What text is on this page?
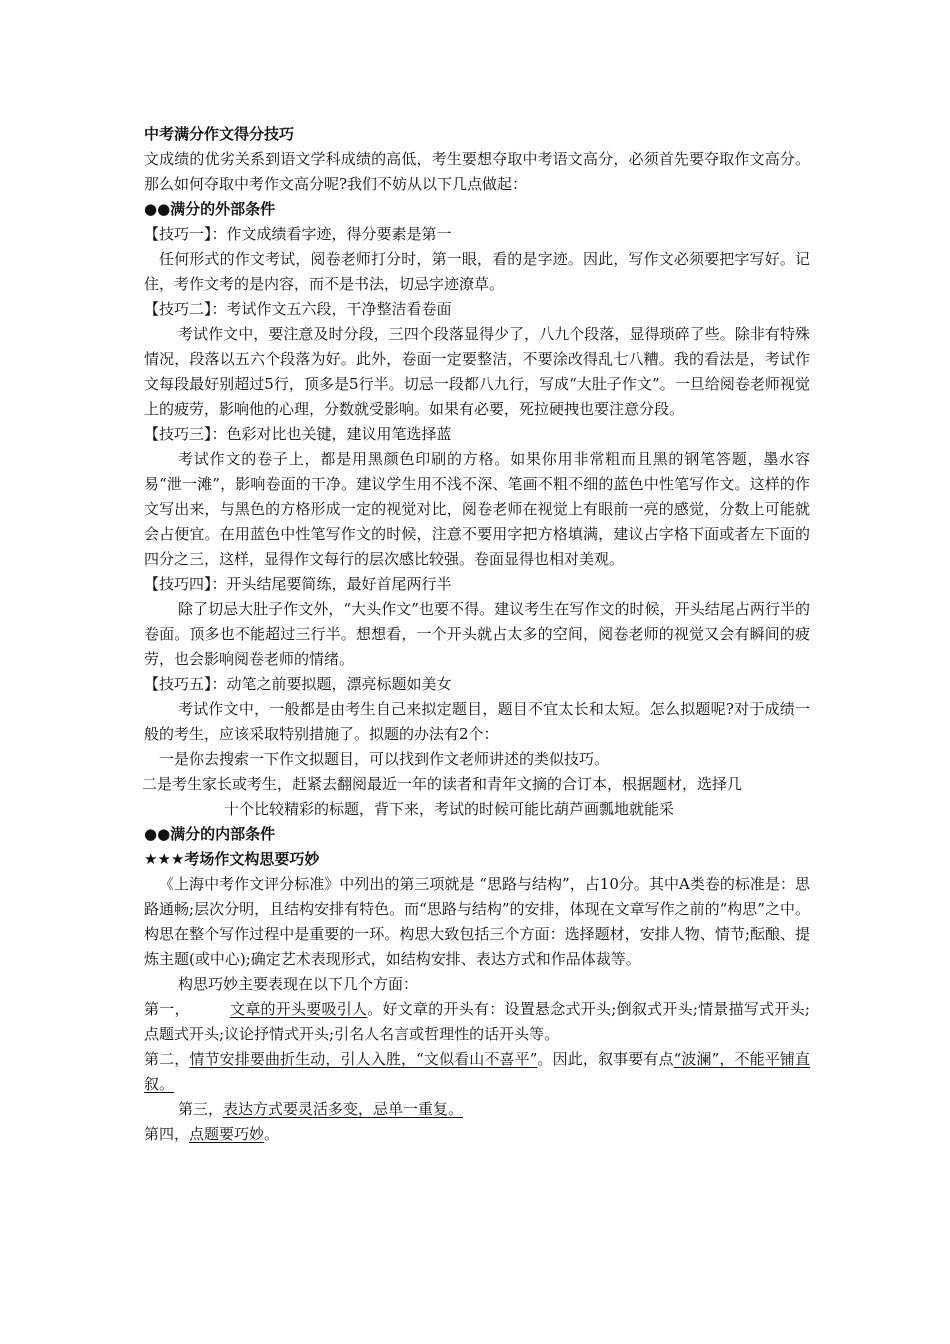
中考满分作文得分技巧

文成绩的优劣关系到语文学科成绩的高低，考生要想夺取中考语文高分，必须首先要夺取作文高分。那么如何夺取中考作文高分呢?我们不妨从以下几点做起：

●●满分的外部条件

【技巧一】：作文成绩看字迹，得分要素是第一

任何形式的作文考试，阅卷老师打分时，第一眼，看的是字迹。因此，写作文必须要把字写好。记住，考作文考的是内容，而不是书法，切忌字迹潦草。

【技巧二】：考试作文五六段，干净整洁看卷面

考试作文中，要注意及时分段，三四个段落显得少了，八九个段落，显得琐碎了些。除非有特殊情况，段落以五六个段落为好。此外，卷面一定要整洁，不要涂改得乱七八糟。我的看法是，考试作文每段最好别超过5行，顶多是5行半。切忌一段都八九行，写成“大肚子作文”。一旦给阅卷老师视觉上的疲劳，影响他的心理，分数就受影响。如果有必要，死拉硬拽也要注意分段。

【技巧三】：色彩对比也关键，建议用笔选择蓝

考试作文的卷子上，都是用黑颜色印刷的方格。如果你用非常粗而且黑的钢笔答题，墨水容易“泄一滩”，影响卷面的干净。建议学生用不浅不深、笔画不粗不细的蓝色中性笔写作文。这样的作文写出来，与黑色的方格形成一定的视觉对比，阅卷老师在视觉上有眼前一亮的感觉，分数上可能就会占便宜。在用蓝色中性笔写作文的时候，注意不要用字把方格填满，建议占字格下面或者左下面的四分之三，这样，显得作文每行的层次感比较强。卷面显得也相对美观。

【技巧四】：开头结尾要简练，最好首尾两行半

除了切忌大肚子作文外，“大头作文”也要不得。建议考生在写作文的时候，开头结尾占两行半的卷面。顶多也不能超过三行半。想想看，一个开头就占太多的空间，阅卷老师的视觉又会有瞬间的疲劳，也会影响阅卷老师的情绪。

【技巧五】：动笔之前要拟题，漂亮标题如美女

考试作文中，一般都是由考生自己来拟定题目，题目不宜太长和太短。怎么拟题呢?对于成绩一般的考生，应该采取特别措施了。拟题的办法有2个：

一是你去搜索一下作文拟题目，可以找到作文老师讲述的类似技巧。

二是考生家长或考生，赶紧去翻阅最近一年的读者和青年文摘的合订本，根据题材，选择几

十个比较精彩的标题，背下来，考试的时候可能比葫芦画瓢地就能采

●●满分的内部条件

★★★考场作文构思要巧妙

《上海中考作文评分标准》中列出的第三项就是 “思路与结构”，占10分。其中A类卷的标准是：思路通畅;层次分明，且结构安排有特色。而“思路与结构”的安排，体现在文章写作之前的“构思”之中。构思在整个写作过程中是重要的一环。构思大致包括三个方面：选择题材，安排人物、情节;酝酿、提炼主题(或中心);确定艺术表现形式，如结构安排、表达方式和作品体裁等。

构思巧妙主要表现在以下几个方面：

第一，	文章的开头要吸引人。好文章的开头有：设置悬念式开头;倒叙式开头;情景描写式开头;点题式开头;议论抒情式开头;引名人名言或哲理性的话开头等。

第二，情节安排要曲折生动，引人入胜，“文似看山不喜平”。因此，叙事要有点“波澜”，不能平铺直叙。

第三，表达方式要灵活多变，忌单一重复。

第四，点题要巧妙。
